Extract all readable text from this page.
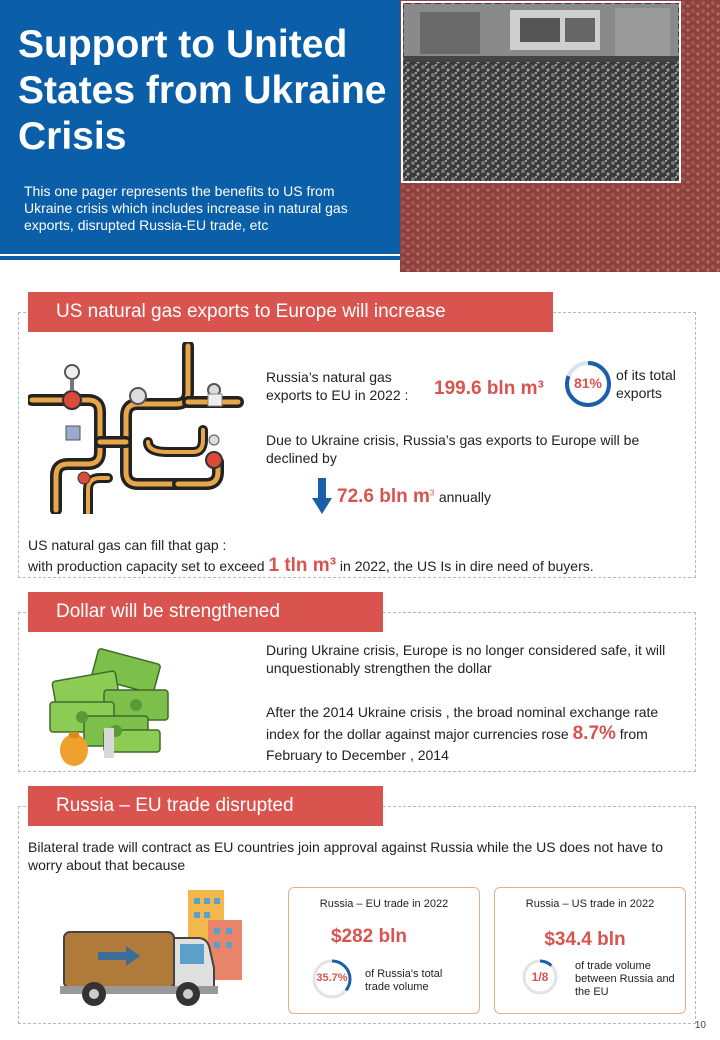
Support to United States from Ukraine Crisis
This one pager represents the benefits to US from Ukraine crisis which includes increase in natural gas exports, disrupted Russia-EU trade, etc
US natural gas exports to Europe will increase
Russia’s natural gas exports to EU in 2022 :	199.6 bln m³	81% of its total exports
Due to Ukraine crisis, Russia’s gas exports to Europe will be declined by
72.6 bln $m^3$ annually
US natural gas can fill that gap :
with production capacity set to exceed 1 tln m³ in 2022, the US Is in dire need of buyers.
Dollar will be strengthened
During Ukraine crisis, Europe is no longer considered safe, it will unquestionably strengthen the dollar
After the 2014 Ukraine crisis , the broad nominal exchange rate index for the dollar against major currencies rose 8.7% from February to December , 2014
Russia – EU trade disrupted
Bilateral trade will contract as EU countries join approval against Russia while the US does not have to worry about that because
Russia – EU trade in 2022
$282 bln
35.7%	of Russia's total trade volume
Russia – US trade in 2022
$34.4 bln
1/8
of trade volume between Russia and the EU
10
